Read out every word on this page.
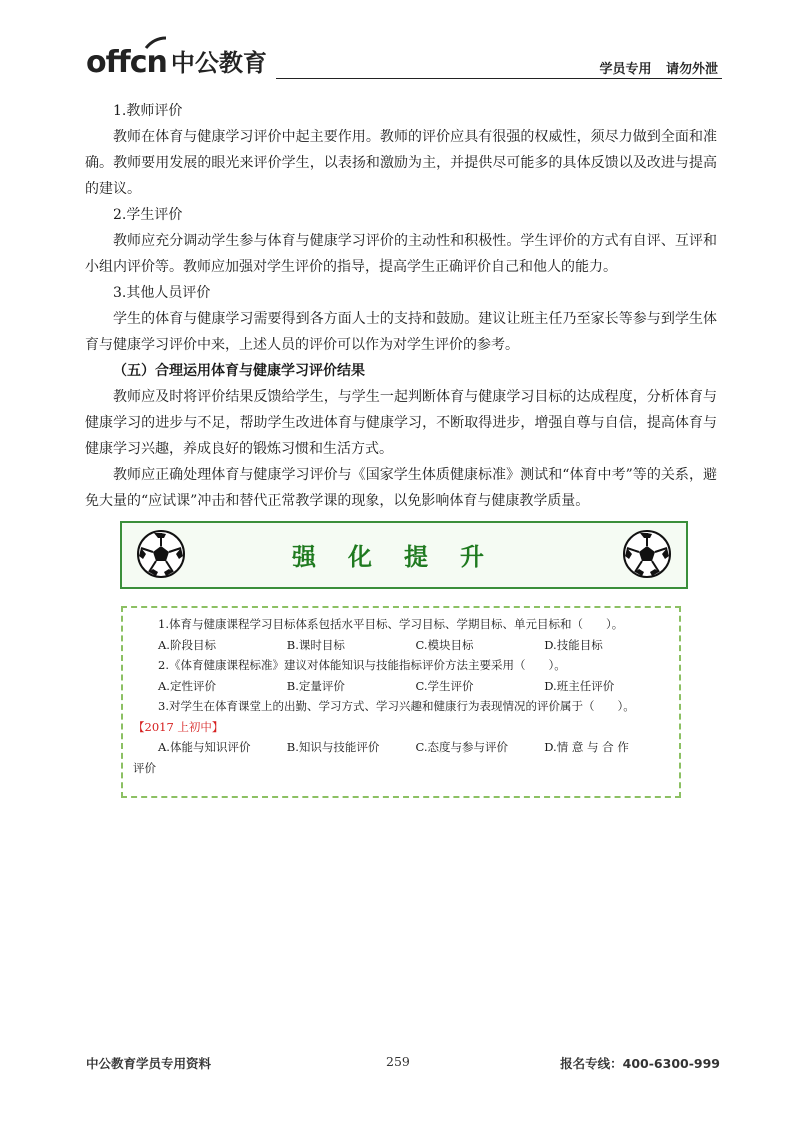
offcn 中公教育	学员专用 请勿外泄

1.教师评价

教师在体育与健康学习评价中起主要作用。教师的评价应具有很强的权威性，须尽力做到全面和准确。教师要用发展的眼光来评价学生，以表扬和激励为主，并提供尽可能多的具体反馈以及改进与提高的建议。

2.学生评价

教师应充分调动学生参与体育与健康学习评价的主动性和积极性。学生评价的方式有自评、互评和小组内评价等。教师应加强对学生评价的指导，提高学生正确评价自己和他人的能力。

3.其他人员评价

学生的体育与健康学习需要得到各方面人士的支持和鼓励。建议让班主任乃至家长等参与到学生体育与健康学习评价中来，上述人员的评价可以作为对学生评价的参考。

（五）合理运用体育与健康学习评价结果

教师应及时将评价结果反馈给学生，与学生一起判断体育与健康学习目标的达成程度，分析体育与健康学习的进步与不足，帮助学生改进体育与健康学习，不断取得进步，增强自尊与自信，提高体育与健康学习兴趣，养成良好的锻炼习惯和生活方式。

教师应正确处理体育与健康学习评价与《国家学生体质健康标准》测试和“体育中考”等的关系，避免大量的“应试课”冲击和替代正常教学课的现象，以免影响体育与健康教学质量。

强化提升
1.体育与健康课程学习目标体系包括水平目标、学习目标、学期目标、单元目标和（　　）。
A.阶段目标	B.课时目标	C.模块目标	D.技能目标
2.《体育健康课程标准》建议对体能知识与技能指标评价方法主要采用（　　）。
A.定性评价	B.定量评价	C.学生评价	D.班主任评价
3.对学生在体育课堂上的出勤、学习方式、学习兴趣和健康行为表现情况的评价属于（　　）。
【2017 上初中】
A.体能与知识评价	B.知识与技能评价	C.态度与参与评价	D.情 意 与 合 作
评价
中公教育学员专用资料	259	报名专线：400-6300-999
